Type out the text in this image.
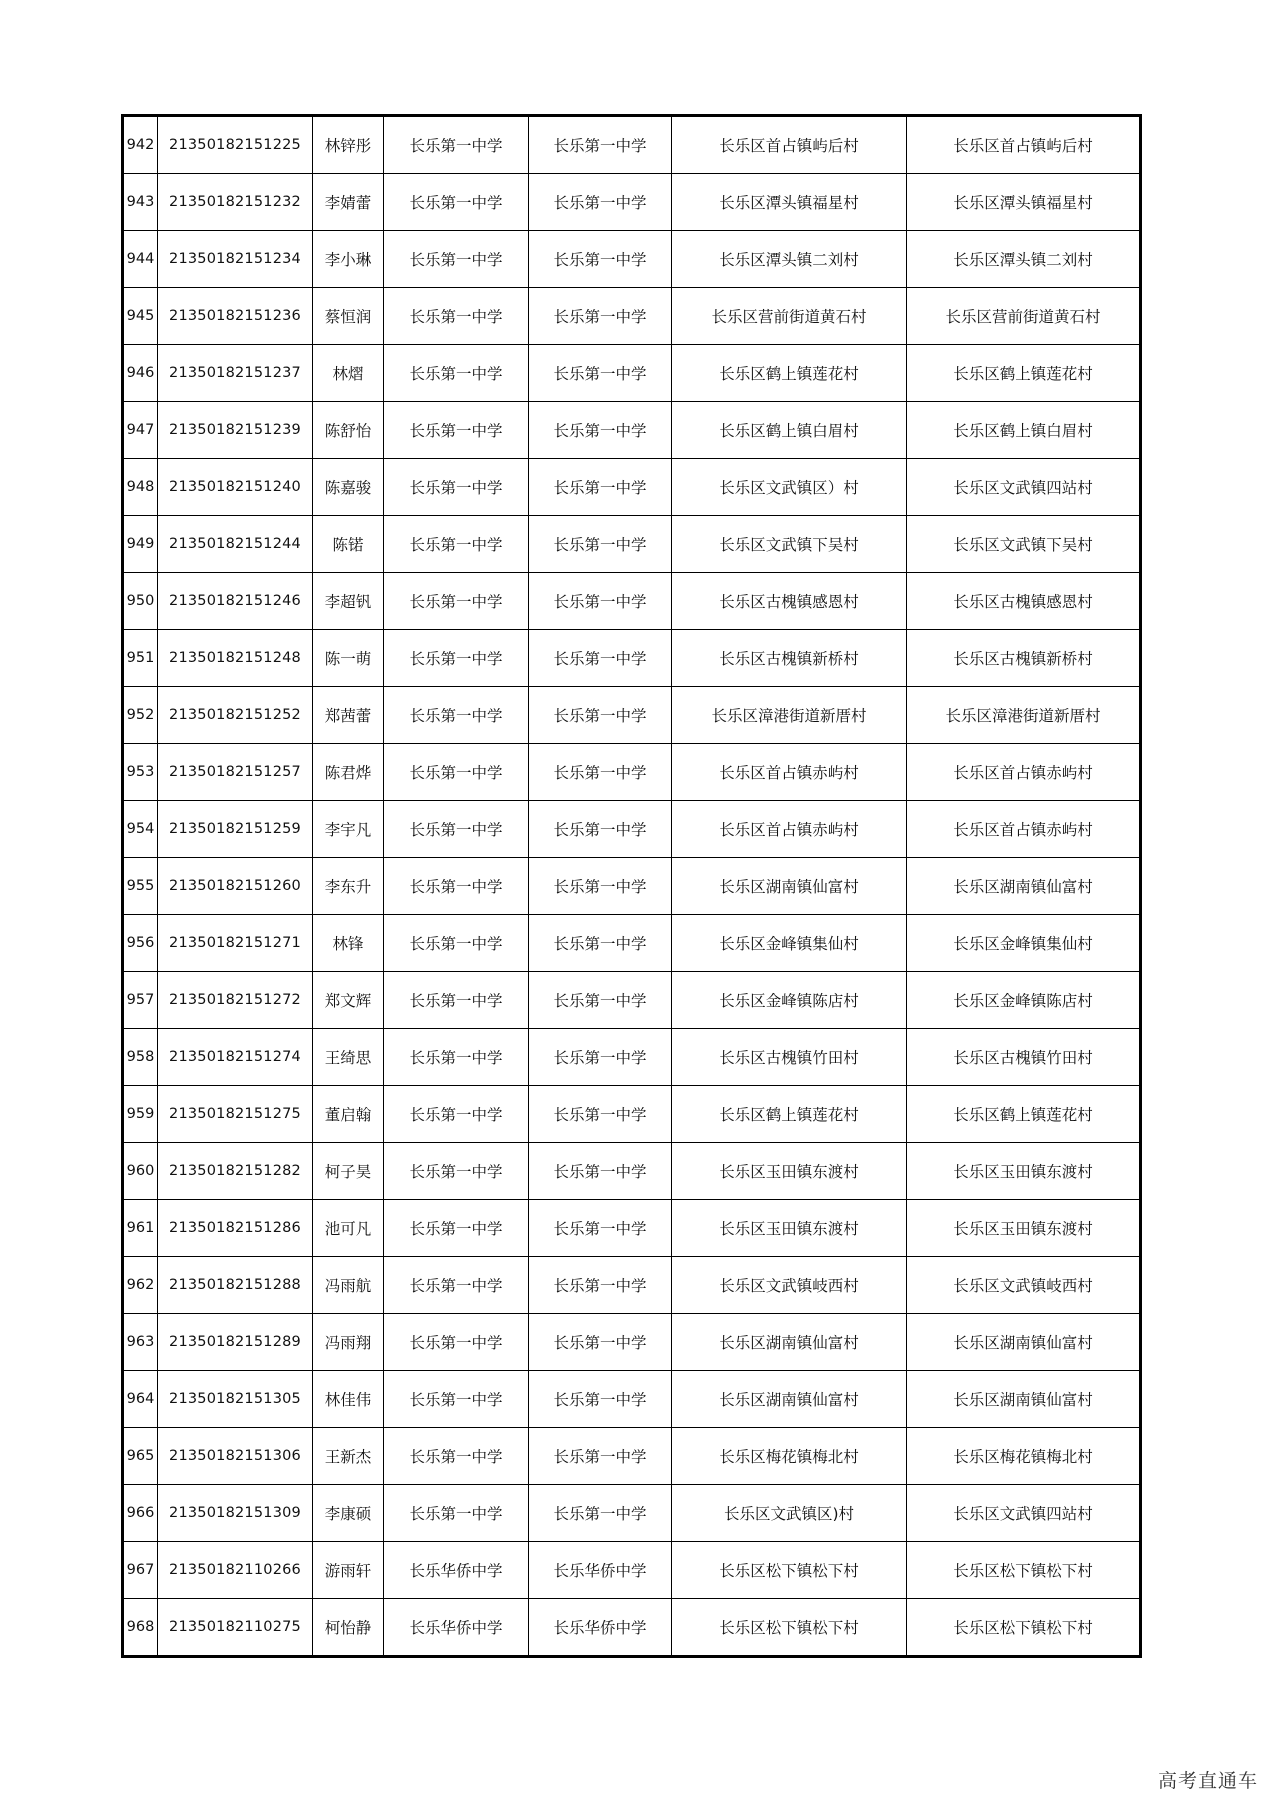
942	21350182151225	林锌彤	长乐第一中学	长乐第一中学	长乐区首占镇屿后村	长乐区首占镇屿后村
943	21350182151232	李婧蕾	长乐第一中学	长乐第一中学	长乐区潭头镇福星村	长乐区潭头镇福星村
944	21350182151234	李小琳	长乐第一中学	长乐第一中学	长乐区潭头镇二刘村	长乐区潭头镇二刘村
945	21350182151236	蔡恒润	长乐第一中学	长乐第一中学	长乐区营前街道黄石村	长乐区营前街道黄石村
946	21350182151237	林熠	长乐第一中学	长乐第一中学	长乐区鹤上镇莲花村	长乐区鹤上镇莲花村
947	21350182151239	陈舒怡	长乐第一中学	长乐第一中学	长乐区鹤上镇白眉村	长乐区鹤上镇白眉村
948	21350182151240	陈嘉骏	长乐第一中学	长乐第一中学	长乐区文武镇区）村	长乐区文武镇四站村
949	21350182151244	陈锘	长乐第一中学	长乐第一中学	长乐区文武镇下吴村	长乐区文武镇下吴村
950	21350182151246	李超钒	长乐第一中学	长乐第一中学	长乐区古槐镇感恩村	长乐区古槐镇感恩村
951	21350182151248	陈一萌	长乐第一中学	长乐第一中学	长乐区古槐镇新桥村	长乐区古槐镇新桥村
952	21350182151252	郑茜蕾	长乐第一中学	长乐第一中学	长乐区漳港街道新厝村	长乐区漳港街道新厝村
953	21350182151257	陈君烨	长乐第一中学	长乐第一中学	长乐区首占镇赤屿村	长乐区首占镇赤屿村
954	21350182151259	李宇凡	长乐第一中学	长乐第一中学	长乐区首占镇赤屿村	长乐区首占镇赤屿村
955	21350182151260	李东升	长乐第一中学	长乐第一中学	长乐区湖南镇仙富村	长乐区湖南镇仙富村
956	21350182151271	林锋	长乐第一中学	长乐第一中学	长乐区金峰镇集仙村	长乐区金峰镇集仙村
957	21350182151272	郑文辉	长乐第一中学	长乐第一中学	长乐区金峰镇陈店村	长乐区金峰镇陈店村
958	21350182151274	王绮思	长乐第一中学	长乐第一中学	长乐区古槐镇竹田村	长乐区古槐镇竹田村
959	21350182151275	董启翰	长乐第一中学	长乐第一中学	长乐区鹤上镇莲花村	长乐区鹤上镇莲花村
960	21350182151282	柯子昊	长乐第一中学	长乐第一中学	长乐区玉田镇东渡村	长乐区玉田镇东渡村
961	21350182151286	池可凡	长乐第一中学	长乐第一中学	长乐区玉田镇东渡村	长乐区玉田镇东渡村
962	21350182151288	冯雨航	长乐第一中学	长乐第一中学	长乐区文武镇岐西村	长乐区文武镇岐西村
963	21350182151289	冯雨翔	长乐第一中学	长乐第一中学	长乐区湖南镇仙富村	长乐区湖南镇仙富村
964	21350182151305	林佳伟	长乐第一中学	长乐第一中学	长乐区湖南镇仙富村	长乐区湖南镇仙富村
965	21350182151306	王新杰	长乐第一中学	长乐第一中学	长乐区梅花镇梅北村	长乐区梅花镇梅北村
966	21350182151309	李康硕	长乐第一中学	长乐第一中学	长乐区文武镇区)村	长乐区文武镇四站村
967	21350182110266	游雨轩	长乐华侨中学	长乐华侨中学	长乐区松下镇松下村	长乐区松下镇松下村
968	21350182110275	柯怡静	长乐华侨中学	长乐华侨中学	长乐区松下镇松下村	长乐区松下镇松下村
高考直通车
